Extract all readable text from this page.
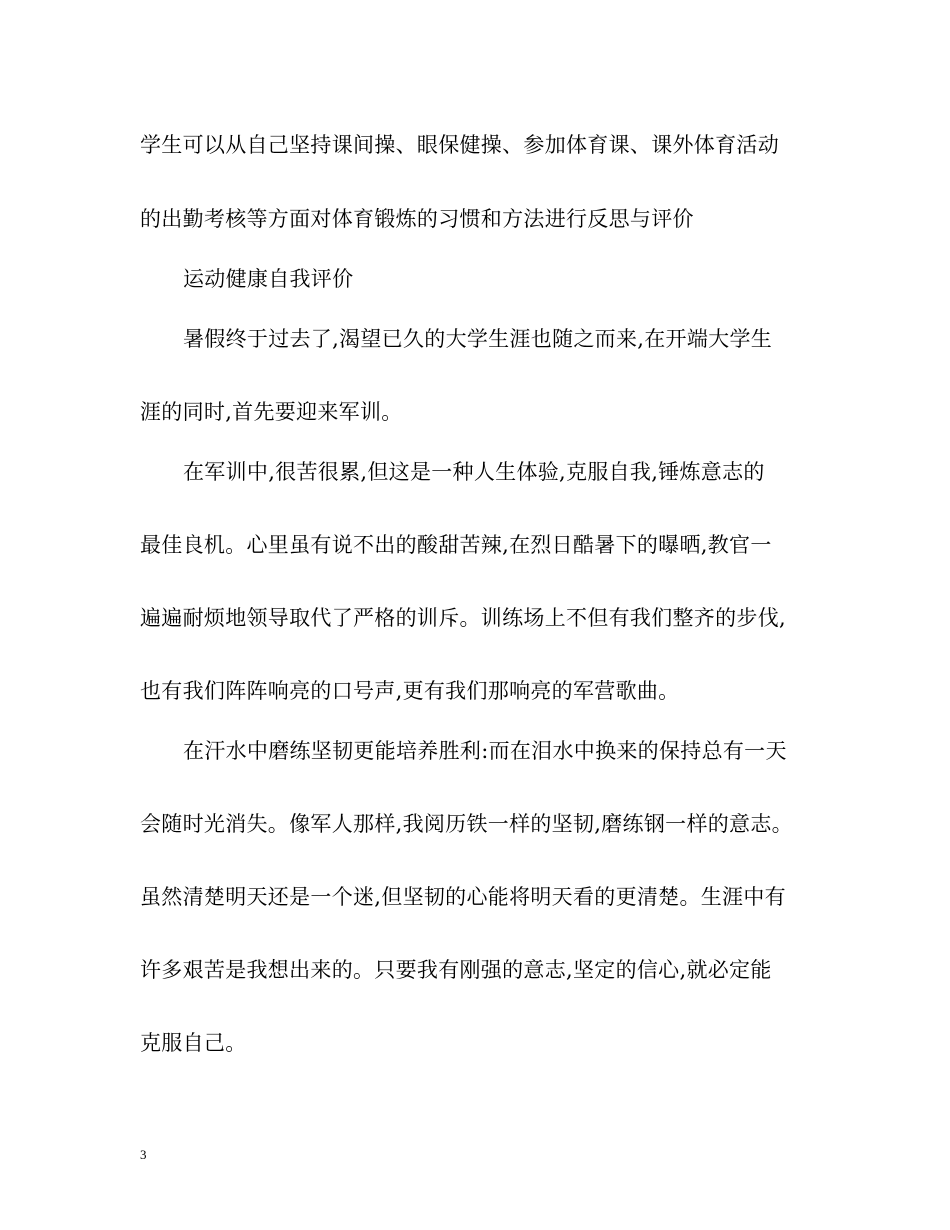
学生可以从自己坚持课间操、眼保健操、参加体育课、课外体育活动
的出勤考核等方面对体育锻炼的习惯和方法进行反思与评价
运动健康自我评价
暑假终于过去了,渴望已久的大学生涯也随之而来,在开端大学生
涯的同时,首先要迎来军训。
在军训中,很苦很累,但这是一种人生体验,克服自我,锤炼意志的
最佳良机。心里虽有说不出的酸甜苦辣,在烈日酷暑下的曝晒,教官一
遍遍耐烦地领导取代了严格的训斥。训练场上不但有我们整齐的步伐,
也有我们阵阵响亮的口号声,更有我们那响亮的军营歌曲。
在汗水中磨练坚韧更能培养胜利:而在泪水中换来的保持总有一天
会随时光消失。像军人那样,我阅历铁一样的坚韧,磨练钢一样的意志。
虽然清楚明天还是一个迷,但坚韧的心能将明天看的更清楚。生涯中有
许多艰苦是我想出来的。只要我有刚强的意志,坚定的信心,就必定能
克服自己。
3
